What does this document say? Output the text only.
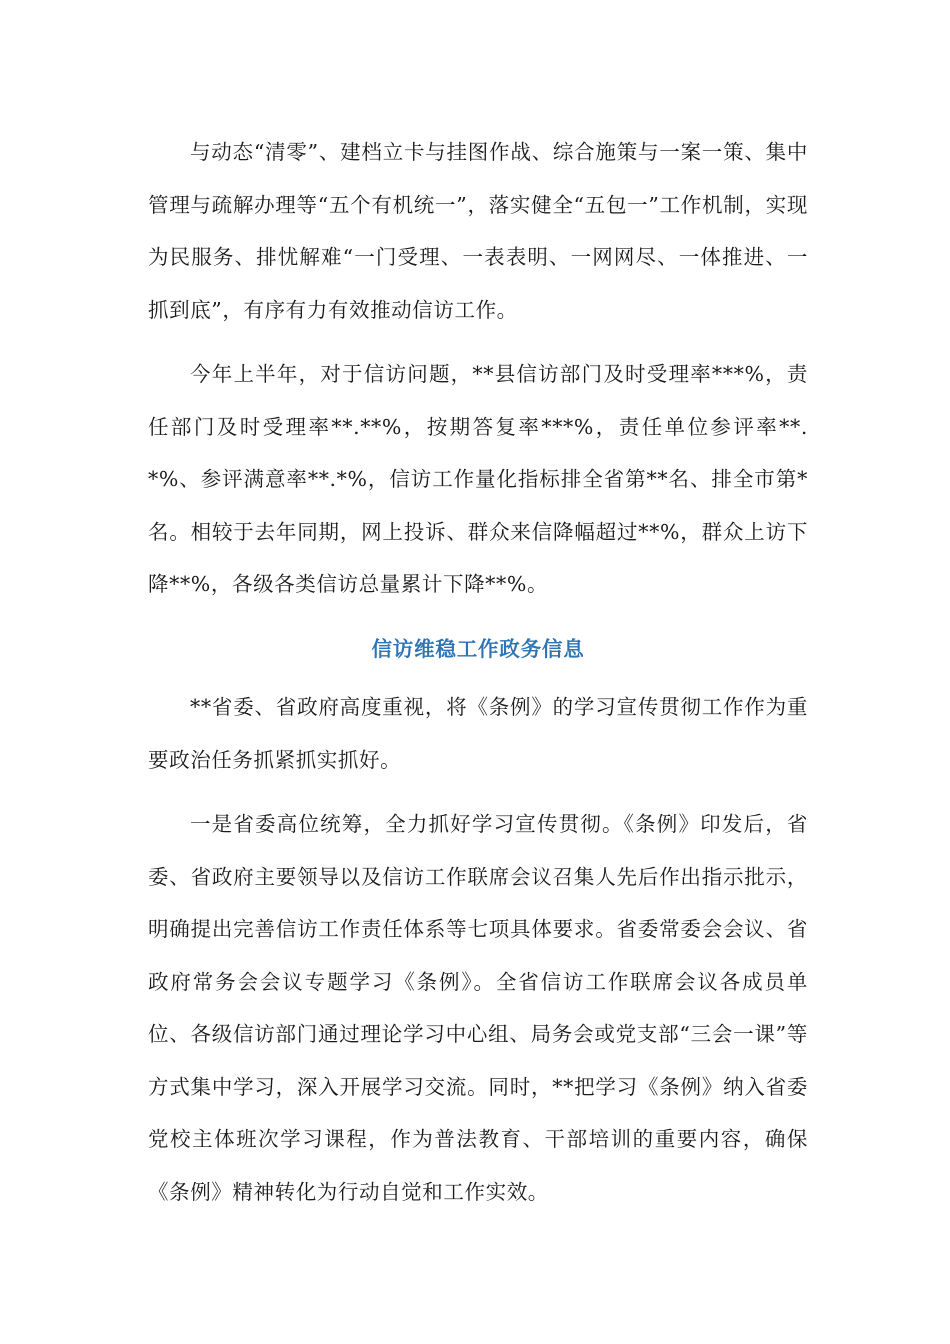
与动态“清零”、建档立卡与挂图作战、综合施策与一案一策、集中管理与疏解办理等“五个有机统一”，落实健全“五包一”工作机制，实现为民服务、排忧解难“一门受理、一表表明、一网网尽、一体推进、一抓到底”，有序有力有效推动信访工作。

今年上半年，对于信访问题，**县信访部门及时受理率***%，责任部门及时受理率**.**%，按期答复率***%，责任单位参评率**.*%、参评满意率**.*%，信访工作量化指标排全省第**名、排全市第*名。相较于去年同期，网上投诉、群众来信降幅超过**%，群众上访下降**%，各级各类信访总量累计下降**%。

信访维稳工作政务信息

**省委、省政府高度重视，将《条例》的学习宣传贯彻工作作为重要政治任务抓紧抓实抓好。

一是省委高位统筹，全力抓好学习宣传贯彻。《条例》印发后，省委、省政府主要领导以及信访工作联席会议召集人先后作出指示批示，明确提出完善信访工作责任体系等七项具体要求。省委常委会会议、省政府常务会会议专题学习《条例》。全省信访工作联席会议各成员单位、各级信访部门通过理论学习中心组、局务会或党支部“三会一课”等方式集中学习，深入开展学习交流。同时，**把学习《条例》纳入省委党校主体班次学习课程，作为普法教育、干部培训的重要内容，确保《条例》精神转化为行动自觉和工作实效。
